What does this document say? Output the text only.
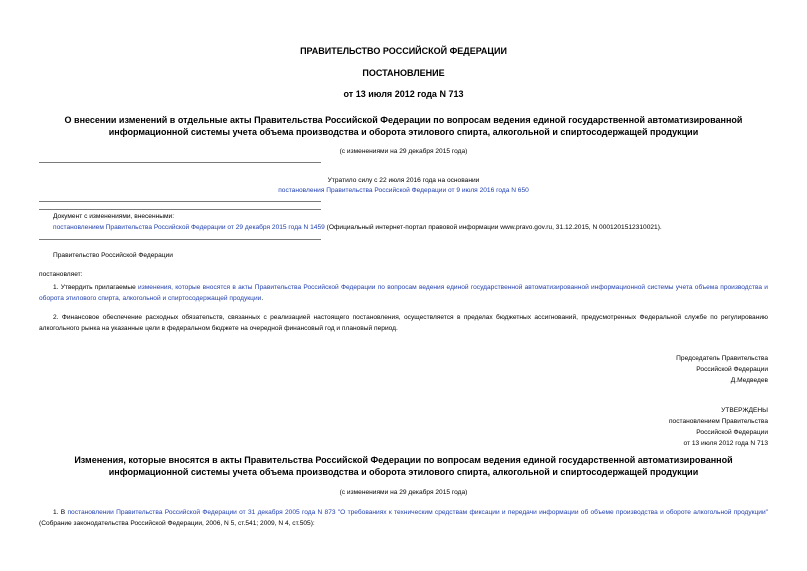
ПРАВИТЕЛЬСТВО РОССИЙСКОЙ ФЕДЕРАЦИИ
ПОСТАНОВЛЕНИЕ
от 13 июля 2012 года N 713
О внесении изменений в отдельные акты Правительства Российской Федерации по вопросам ведения единой государственной автоматизированной
информационной системы учета объема производства и оборота этилового спирта, алкогольной и спиртосодержащей продукции
(с изменениями на 29 декабря 2015 года)
Утратило силу с 22 июля 2016 года на основании
постановления Правительства Российской Федерации от 9 июля 2016 года N 650
Документ с изменениями, внесенными:
постановлением Правительства Российской Федерации от 29 декабря 2015 года N 1459 (Официальный интернет-портал правовой информации www.pravo.gov.ru, 31.12.2015, N 0001201512310021).
Правительство Российской Федерации
постановляет:
1. Утвердить прилагаемые изменения, которые вносятся в акты Правительства Российской Федерации по вопросам ведения единой государственной автоматизированной информационной системы учета объема производства и оборота этилового спирта, алкогольной и спиртосодержащей продукции.
2. Финансовое обеспечение расходных обязательств, связанных с реализацией настоящего постановления, осуществляется в пределах бюджетных ассигнований, предусмотренных Федеральной службе по регулированию алкогольного рынка на указанные цели в федеральном бюджете на очередной финансовый год и плановый период.
Председатель Правительства
Российской Федерации
Д.Медведев
УТВЕРЖДЕНЫ
постановлением Правительства
Российской Федерации
от 13 июля 2012 года N 713
Изменения, которые вносятся в акты Правительства Российской Федерации по вопросам ведения единой государственной автоматизированной
информационной системы учета объема производства и оборота этилового спирта, алкогольной и спиртосодержащей продукции
(с изменениями на 29 декабря 2015 года)
1. В постановлении Правительства Российской Федерации от 31 декабря 2005 года N 873 "О требованиях к техническим средствам фиксации и передачи информации об объеме производства и обороте алкогольной продукции" (Собрание законодательства Российской Федерации, 2006, N 5, ст.541; 2009, N 4, ст.505):
